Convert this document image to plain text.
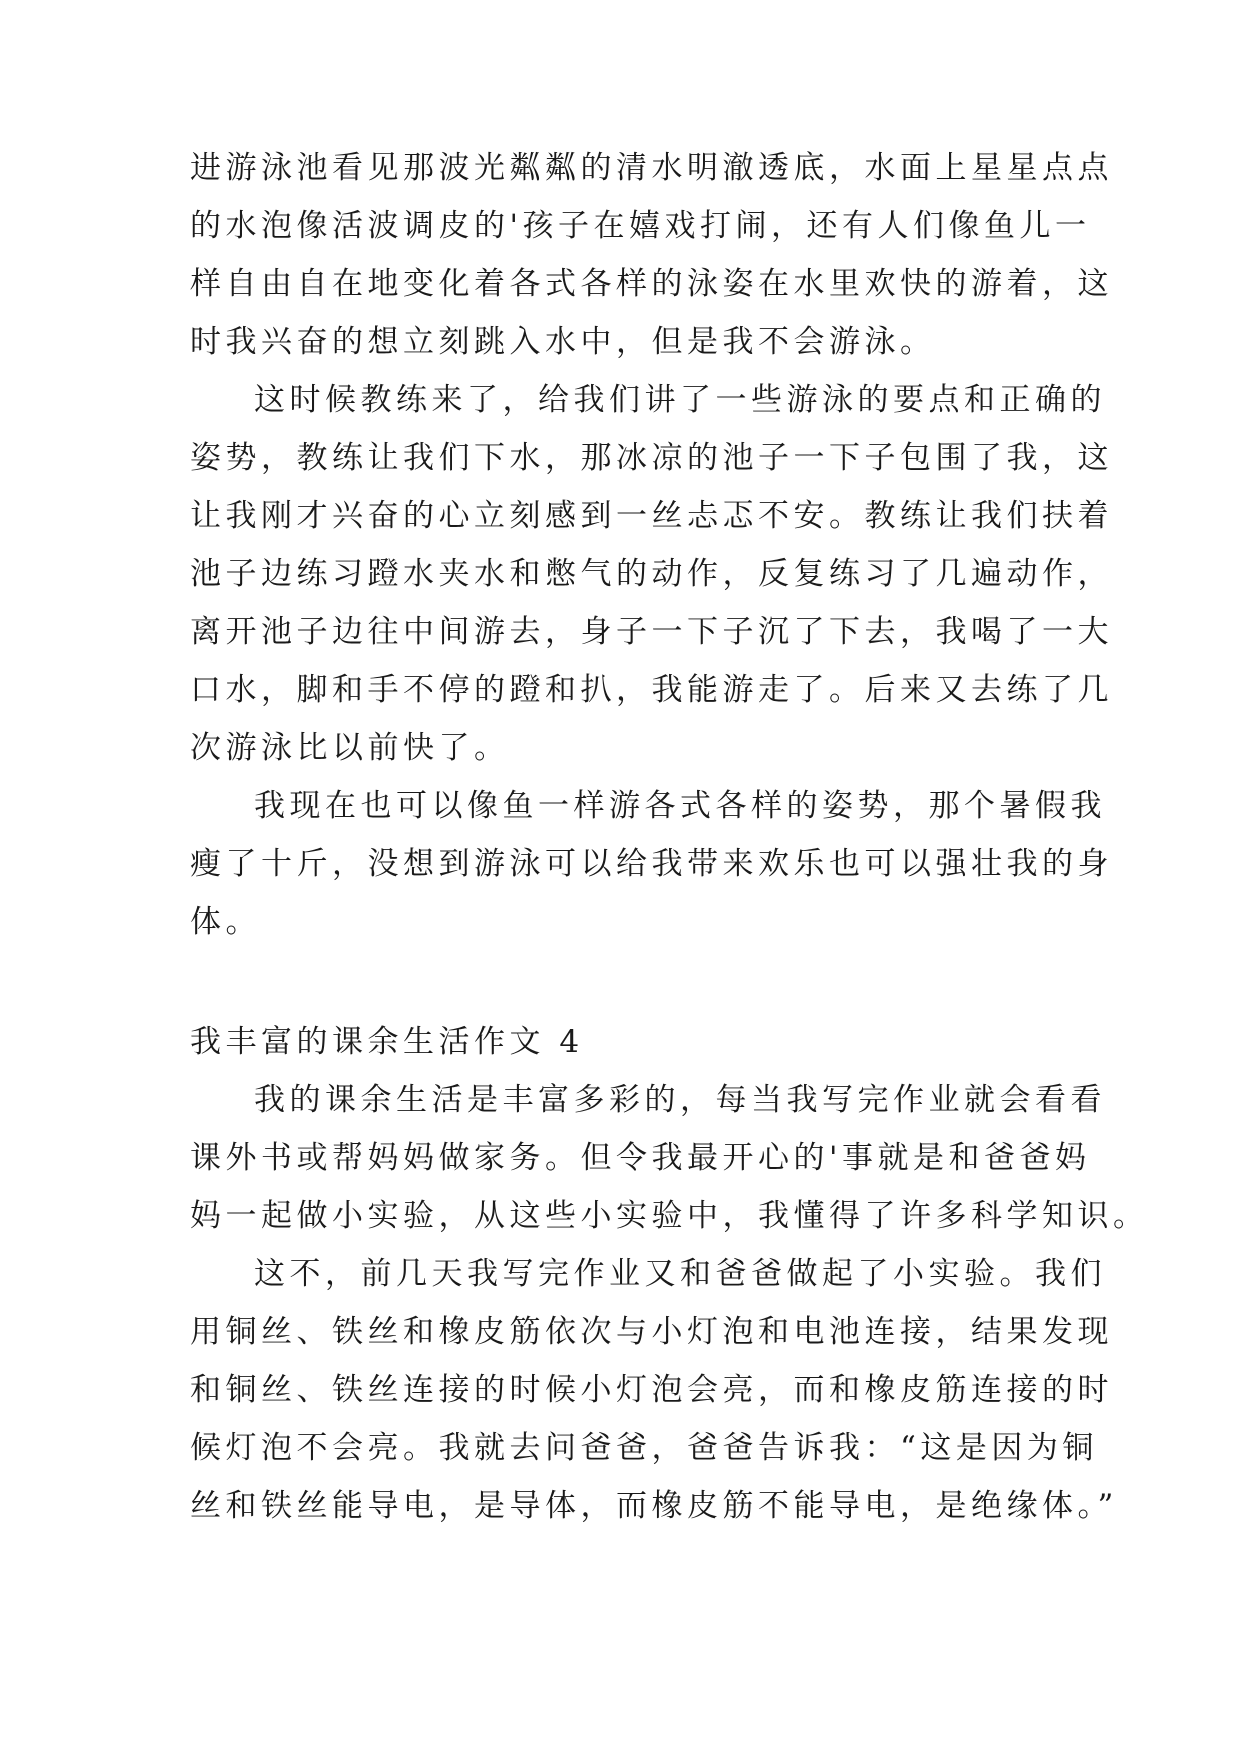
进游泳池看见那波光粼粼的清水明澈透底，水面上星星点点
的水泡像活波调皮的'孩子在嬉戏打闹，还有人们像鱼儿一
样自由自在地变化着各式各样的泳姿在水里欢快的游着，这
时我兴奋的想立刻跳入水中，但是我不会游泳。
这时候教练来了，给我们讲了一些游泳的要点和正确的
姿势，教练让我们下水，那冰凉的池子一下子包围了我，这
让我刚才兴奋的心立刻感到一丝忐忑不安。教练让我们扶着
池子边练习蹬水夹水和憋气的动作，反复练习了几遍动作，
离开池子边往中间游去，身子一下子沉了下去，我喝了一大
口水，脚和手不停的蹬和扒，我能游走了。后来又去练了几
次游泳比以前快了。
我现在也可以像鱼一样游各式各样的姿势，那个暑假我
瘦了十斤，没想到游泳可以给我带来欢乐也可以强壮我的身
体。
我丰富的课余生活作文 4
我的课余生活是丰富多彩的，每当我写完作业就会看看
课外书或帮妈妈做家务。但令我最开心的'事就是和爸爸妈
妈一起做小实验，从这些小实验中，我懂得了许多科学知识。
这不，前几天我写完作业又和爸爸做起了小实验。我们
用铜丝、铁丝和橡皮筋依次与小灯泡和电池连接，结果发现
和铜丝、铁丝连接的时候小灯泡会亮，而和橡皮筋连接的时
候灯泡不会亮。我就去问爸爸，爸爸告诉我：“这是因为铜
丝和铁丝能导电，是导体，而橡皮筋不能导电，是绝缘体。”
